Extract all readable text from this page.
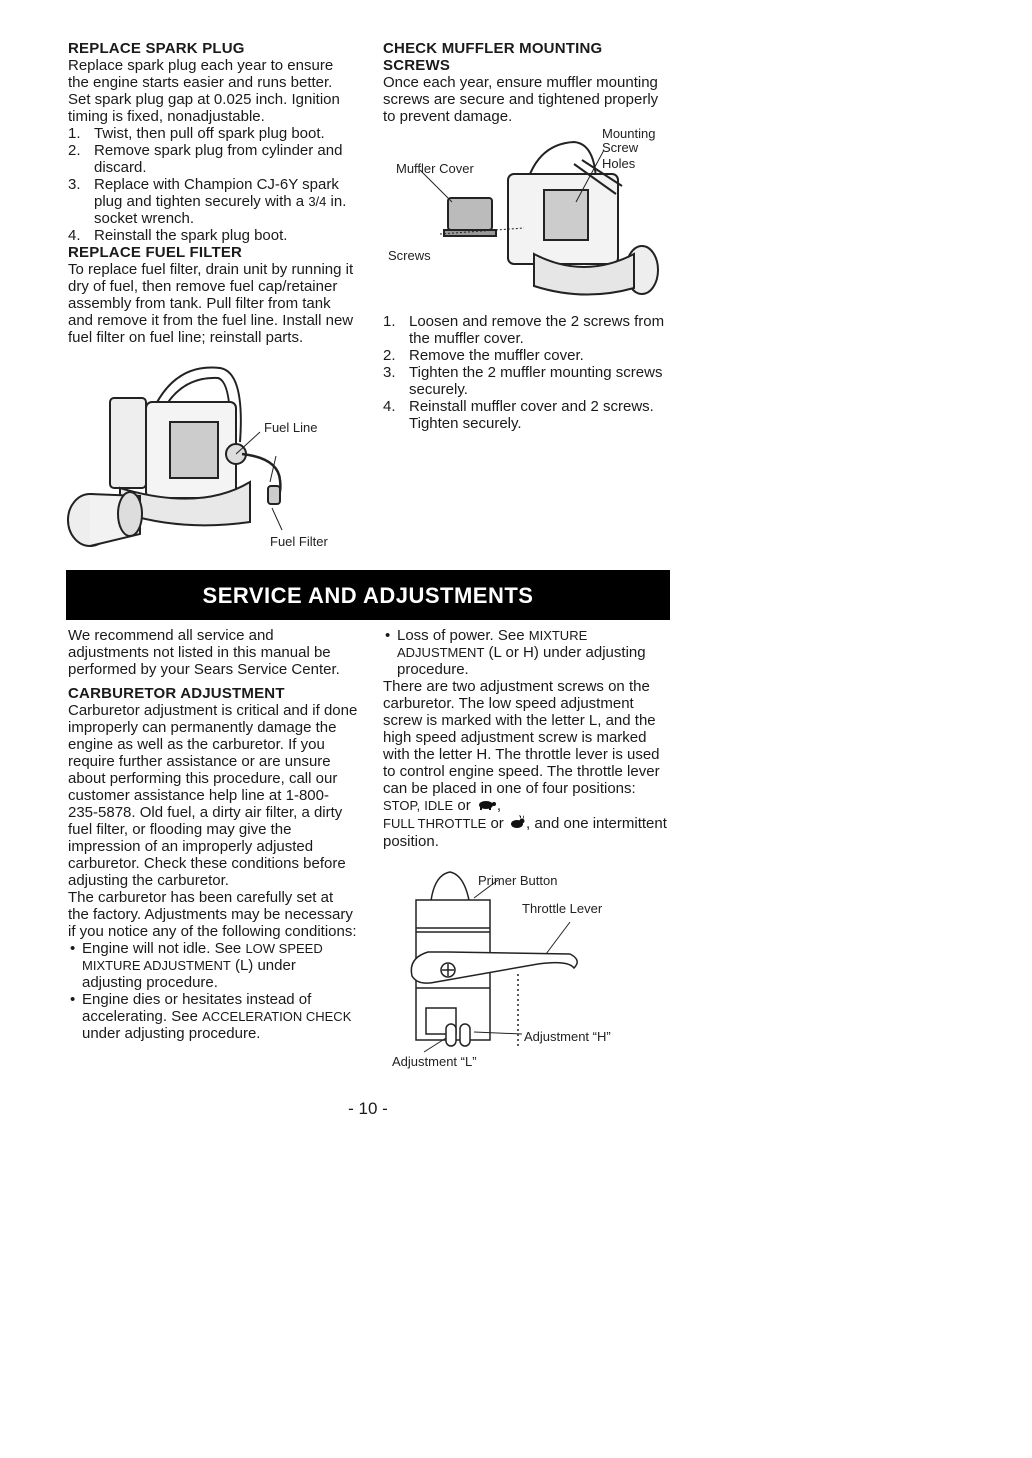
REPLACE SPARK PLUG

Replace spark plug each year to ensure the engine starts easier and runs better. Set spark plug gap at 0.025 inch. Ignition timing is fixed, nonadjustable.

1. Twist, then pull off spark plug boot.
2. Remove spark plug from cylinder and discard.
3. Replace with Champion CJ-6Y spark plug and tighten securely with a 3/4 in. socket wrench.
4. Reinstall the spark plug boot.
REPLACE FUEL FILTER

To replace fuel filter, drain unit by running it dry of fuel, then remove fuel cap/retainer assembly from tank. Pull filter from tank and remove it from the fuel line. Install new fuel filter on fuel line; reinstall parts.

Fuel Line
Fuel Filter
CHECK MUFFLER MOUNTING SCREWS

Once each year, ensure muffler mounting screws are secure and tightened properly to prevent damage.

Mounting
Screw
Holes
Muffler Cover
Screws
1. Loosen and remove the 2 screws from the muffler cover.
2. Remove the muffler cover.
3. Tighten the 2 muffler mounting screws securely.
4. Reinstall muffler cover and 2 screws. Tighten securely.
SERVICE AND ADJUSTMENTS

We recommend all service and adjustments not listed in this manual be performed by your Sears Service Center.

CARBURETOR ADJUSTMENT

Carburetor adjustment is critical and if done improperly can permanently damage the engine as well as the carburetor. If you require further assistance or are unsure about performing this procedure, call our customer assistance help line at 1-800-235-5878. Old fuel, a dirty air filter, a dirty fuel filter, or flooding may give the impression of an improperly adjusted carburetor. Check these conditions before adjusting the carburetor.

The carburetor has been carefully set at the factory. Adjustments may be necessary if you notice any of the following conditions:

• Engine will not idle. See LOW SPEED MIXTURE ADJUSTMENT (L) under adjusting procedure.
• Engine dies or hesitates instead of accelerating. See ACCELERATION CHECK under adjusting procedure.
• Loss of power. See MIXTURE ADJUSTMENT (L or H) under adjusting procedure.

There are two adjustment screws on the carburetor. The low speed adjustment screw is marked with the letter L, and the high speed adjustment screw is marked with the letter H. The throttle lever is used to control engine speed. The throttle lever can be placed in one of four positions: STOP, IDLE or ,
FULL THROTTLE or , and one intermittent position.

Primer Button
Throttle Lever
Adjustment “H”
Adjustment “L”
- 10 -
